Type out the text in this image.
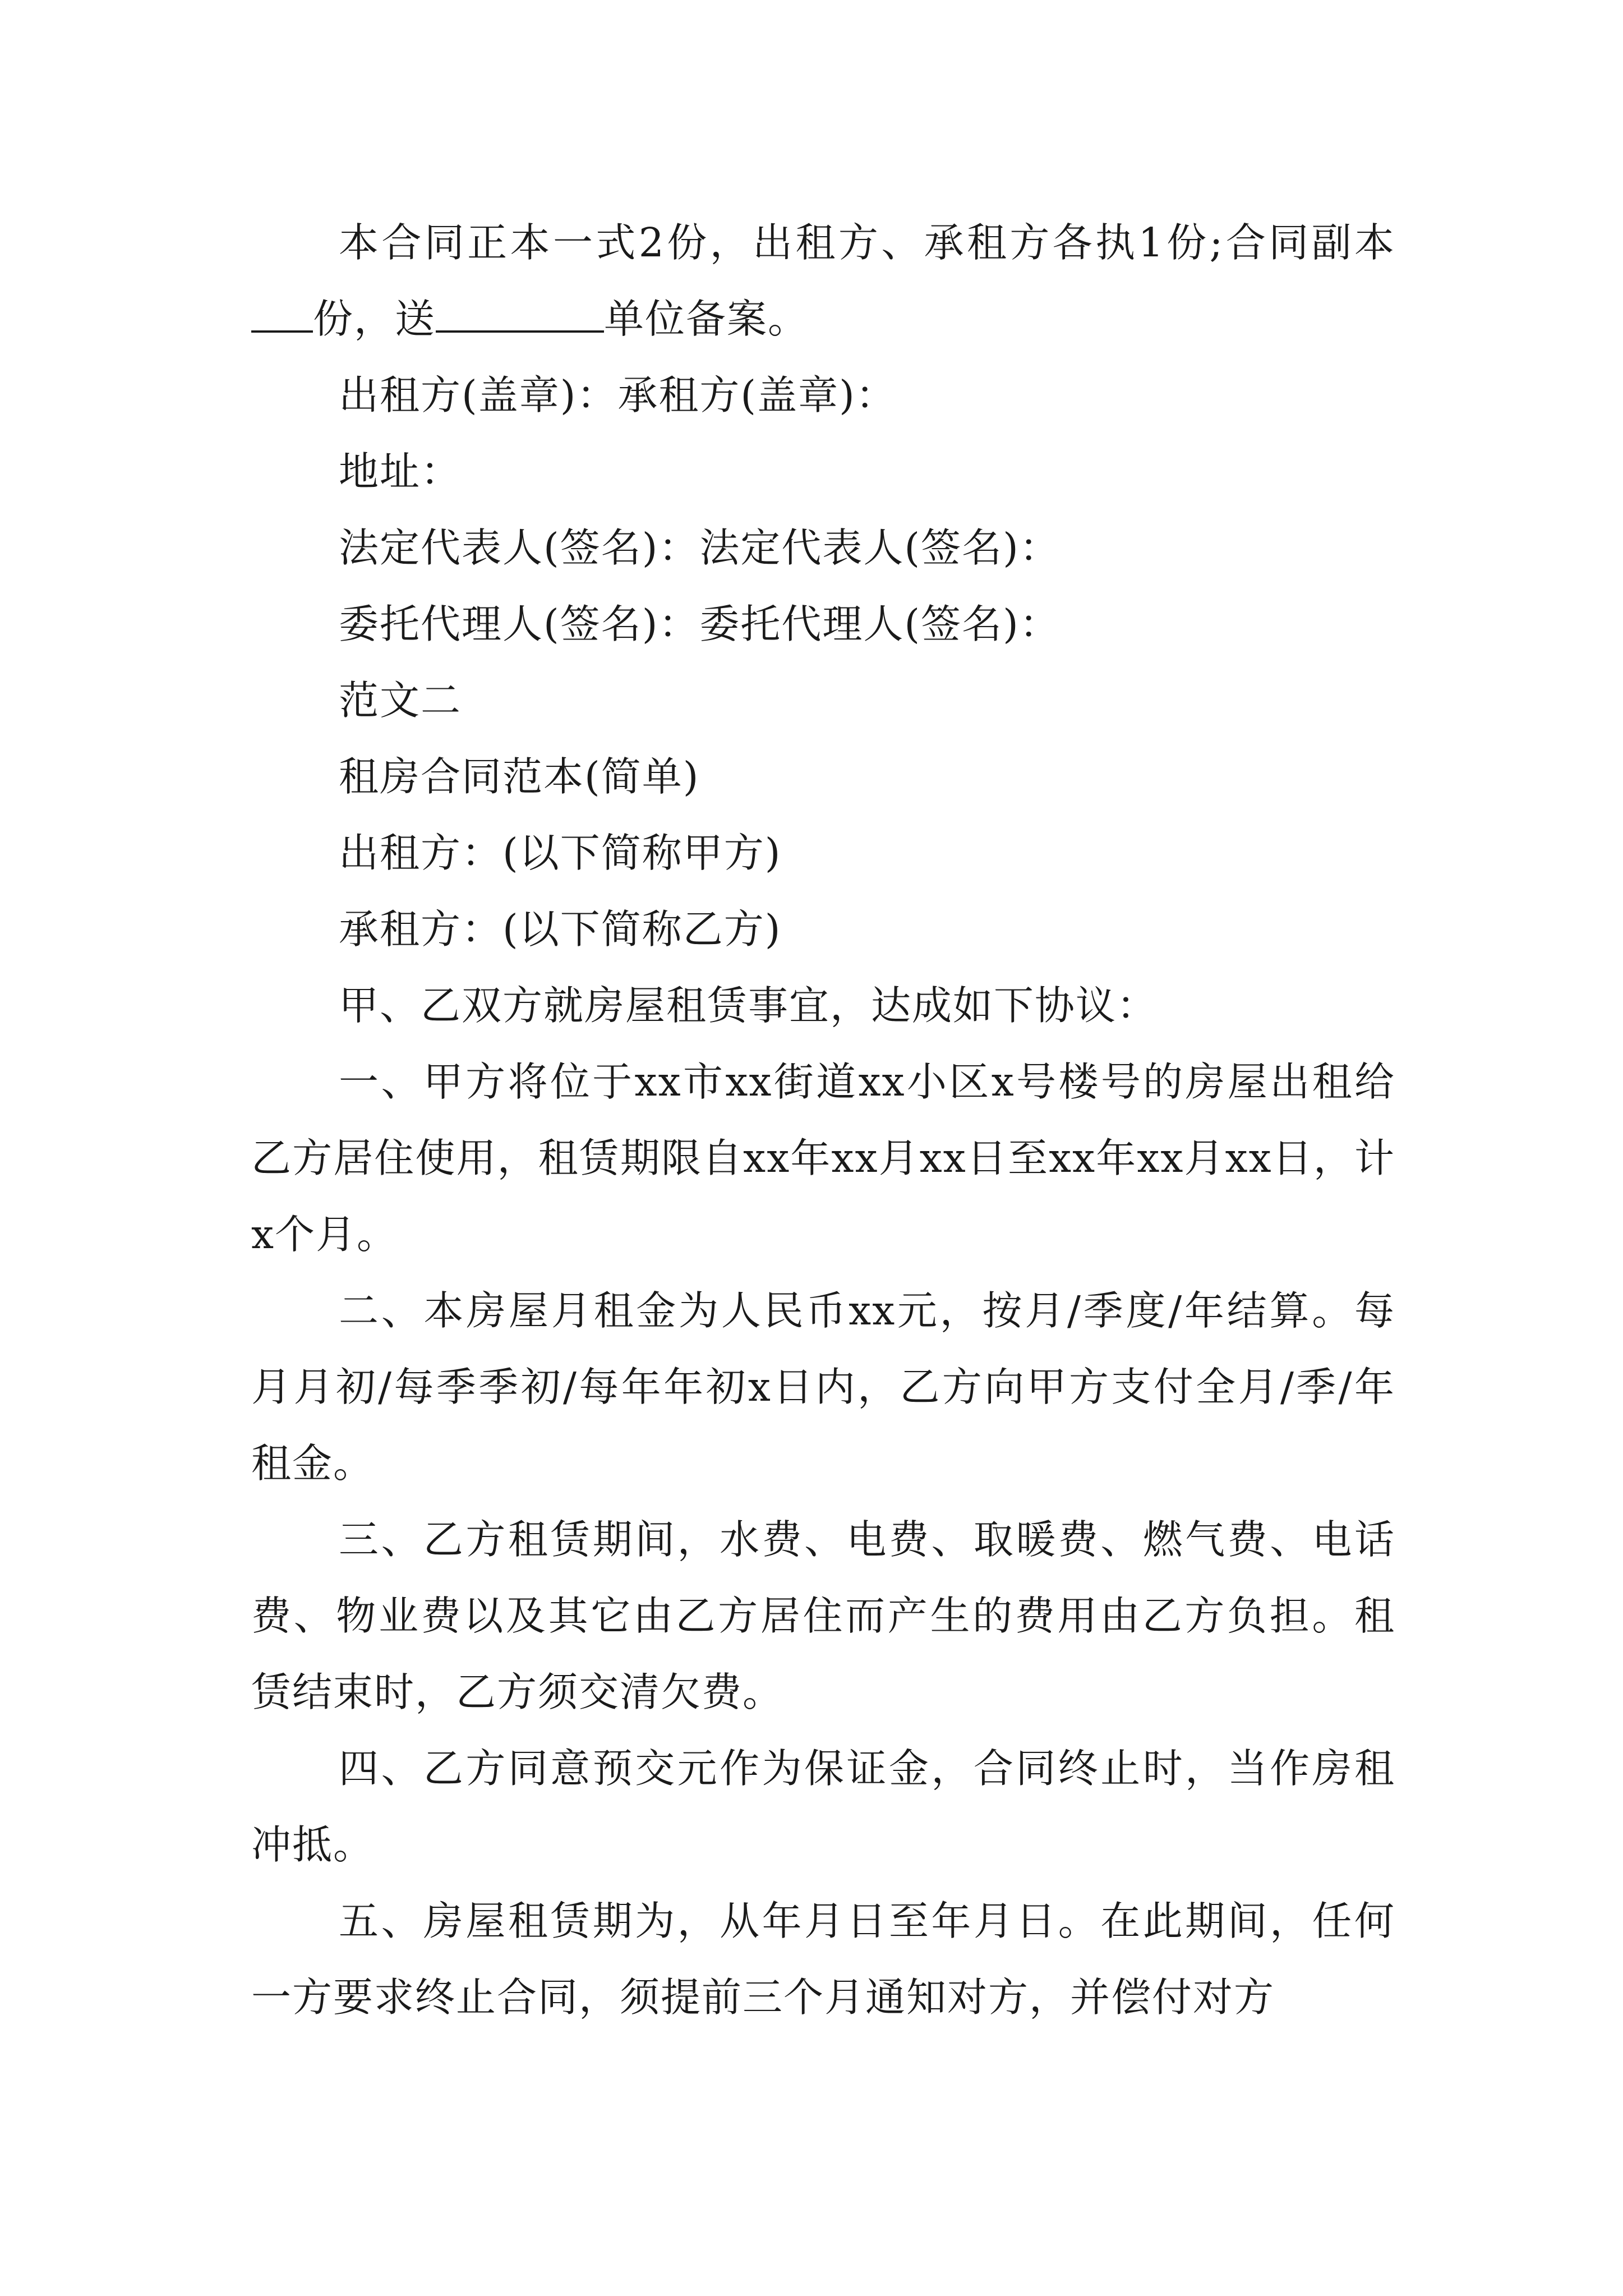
本合同正本一式2份，出租方、承租方各执1份;合同副本份，送	单位备案。

出租方(盖章)：承租方(盖章)：

地址：

法定代表人(签名)：法定代表人(签名)：

委托代理人(签名)：委托代理人(签名)：

范文二

租房合同范本(简单)

出租方：(以下简称甲方)

承租方：(以下简称乙方)

甲、乙双方就房屋租赁事宜，达成如下协议：

一、甲方将位于xx市xx街道xx小区x号楼号的房屋出租给乙方居住使用，租赁期限自xx年xx月xx日至xx年xx月xx日，计x个月。

二、本房屋月租金为人民币xx元，按月/季度/年结算。每月月初/每季季初/每年年初x日内，乙方向甲方支付全月/季/年租金。

三、乙方租赁期间，水费、电费、取暖费、燃气费、电话费、物业费以及其它由乙方居住而产生的费用由乙方负担。租赁结束时，乙方须交清欠费。

四、乙方同意预交元作为保证金，合同终止时，当作房租冲抵。

五、房屋租赁期为，从年月日至年月日。在此期间，任何一方要求终止合同，须提前三个月通知对方，并偿付对方
